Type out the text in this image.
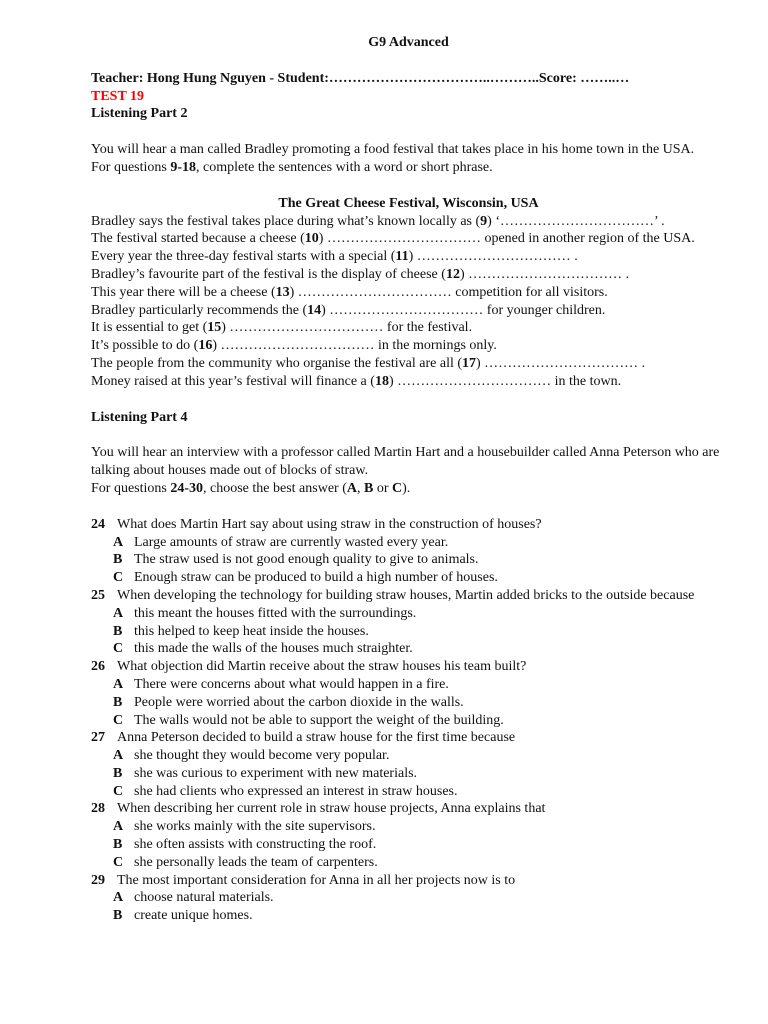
G9 Advanced
Teacher: Hong Hung Nguyen - Student:……………………………..………..Score: ……..…
TEST 19
Listening Part 2
You will hear a man called Bradley promoting a food festival that takes place in his home town in the USA.
For questions 9-18, complete the sentences with a word or short phrase.
The Great Cheese Festival, Wisconsin, USA
Bradley says the festival takes place during what’s known locally as (9) ‘……………………………’ .
The festival started because a cheese (10) …………………………… opened in another region of the USA.
Every year the three-day festival starts with a special (11) …………………………… .
Bradley’s favourite part of the festival is the display of cheese (12) …………………………… .
This year there will be a cheese (13) …………………………… competition for all visitors.
Bradley particularly recommends the (14) …………………………… for younger children.
It is essential to get (15) …………………………… for the festival.
It’s possible to do (16) …………………………… in the mornings only.
The people from the community who organise the festival are all (17) …………………………… .
Money raised at this year’s festival will finance a (18) …………………………… in the town.
Listening Part 4
You will hear an interview with a professor called Martin Hart and a housebuilder called Anna Peterson who are talking about houses made out of blocks of straw.
For questions 24-30, choose the best answer (A, B or C).
24 What does Martin Hart say about using straw in the construction of houses?
A Large amounts of straw are currently wasted every year.
B The straw used is not good enough quality to give to animals.
C Enough straw can be produced to build a high number of houses.
25 When developing the technology for building straw houses, Martin added bricks to the outside because
A this meant the houses fitted with the surroundings.
B this helped to keep heat inside the houses.
C this made the walls of the houses much straighter.
26 What objection did Martin receive about the straw houses his team built?
A There were concerns about what would happen in a fire.
B People were worried about the carbon dioxide in the walls.
C The walls would not be able to support the weight of the building.
27 Anna Peterson decided to build a straw house for the first time because
A she thought they would become very popular.
B she was curious to experiment with new materials.
C she had clients who expressed an interest in straw houses.
28 When describing her current role in straw house projects, Anna explains that
A she works mainly with the site supervisors.
B she often assists with constructing the roof.
C she personally leads the team of carpenters.
29 The most important consideration for Anna in all her projects now is to
A choose natural materials.
B create unique homes.
